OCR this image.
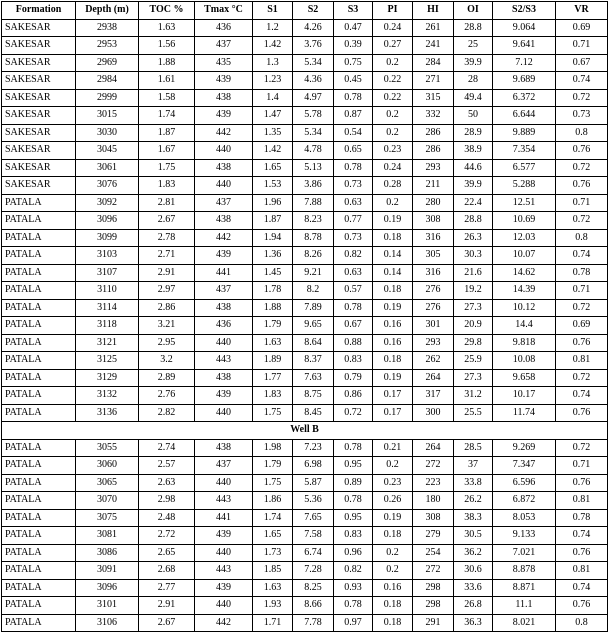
Formation	Depth (m)	TOC %	Tmax °C	S1	S2	S3	PI	HI	OI	S2/S3	VR
SAKESAR	2938	1.63	436	1.2	4.26	0.47	0.24	261	28.8	9.064	0.69
SAKESAR	2953	1.56	437	1.42	3.76	0.39	0.27	241	25	9.641	0.71
SAKESAR	2969	1.88	435	1.3	5.34	0.75	0.2	284	39.9	7.12	0.67
SAKESAR	2984	1.61	439	1.23	4.36	0.45	0.22	271	28	9.689	0.74
SAKESAR	2999	1.58	438	1.4	4.97	0.78	0.22	315	49.4	6.372	0.72
SAKESAR	3015	1.74	439	1.47	5.78	0.87	0.2	332	50	6.644	0.73
SAKESAR	3030	1.87	442	1.35	5.34	0.54	0.2	286	28.9	9.889	0.8
SAKESAR	3045	1.67	440	1.42	4.78	0.65	0.23	286	38.9	7.354	0.76
SAKESAR	3061	1.75	438	1.65	5.13	0.78	0.24	293	44.6	6.577	0.72
SAKESAR	3076	1.83	440	1.53	3.86	0.73	0.28	211	39.9	5.288	0.76
PATALA	3092	2.81	437	1.96	7.88	0.63	0.2	280	22.4	12.51	0.71
PATALA	3096	2.67	438	1.87	8.23	0.77	0.19	308	28.8	10.69	0.72
PATALA	3099	2.78	442	1.94	8.78	0.73	0.18	316	26.3	12.03	0.8
PATALA	3103	2.71	439	1.36	8.26	0.82	0.14	305	30.3	10.07	0.74
PATALA	3107	2.91	441	1.45	9.21	0.63	0.14	316	21.6	14.62	0.78
PATALA	3110	2.97	437	1.78	8.2	0.57	0.18	276	19.2	14.39	0.71
PATALA	3114	2.86	438	1.88	7.89	0.78	0.19	276	27.3	10.12	0.72
PATALA	3118	3.21	436	1.79	9.65	0.67	0.16	301	20.9	14.4	0.69
PATALA	3121	2.95	440	1.63	8.64	0.88	0.16	293	29.8	9.818	0.76
PATALA	3125	3.2	443	1.89	8.37	0.83	0.18	262	25.9	10.08	0.81
PATALA	3129	2.89	438	1.77	7.63	0.79	0.19	264	27.3	9.658	0.72
PATALA	3132	2.76	439	1.83	8.75	0.86	0.17	317	31.2	10.17	0.74
PATALA	3136	2.82	440	1.75	8.45	0.72	0.17	300	25.5	11.74	0.76
Well B											
PATALA	3055	2.74	438	1.98	7.23	0.78	0.21	264	28.5	9.269	0.72
PATALA	3060	2.57	437	1.79	6.98	0.95	0.2	272	37	7.347	0.71
PATALA	3065	2.63	440	1.75	5.87	0.89	0.23	223	33.8	6.596	0.76
PATALA	3070	2.98	443	1.86	5.36	0.78	0.26	180	26.2	6.872	0.81
PATALA	3075	2.48	441	1.74	7.65	0.95	0.19	308	38.3	8.053	0.78
PATALA	3081	2.72	439	1.65	7.58	0.83	0.18	279	30.5	9.133	0.74
PATALA	3086	2.65	440	1.73	6.74	0.96	0.2	254	36.2	7.021	0.76
PATALA	3091	2.68	443	1.85	7.28	0.82	0.2	272	30.6	8.878	0.81
PATALA	3096	2.77	439	1.63	8.25	0.93	0.16	298	33.6	8.871	0.74
PATALA	3101	2.91	440	1.93	8.66	0.78	0.18	298	26.8	11.1	0.76
PATALA	3106	2.67	442	1.71	7.78	0.97	0.18	291	36.3	8.021	0.8
